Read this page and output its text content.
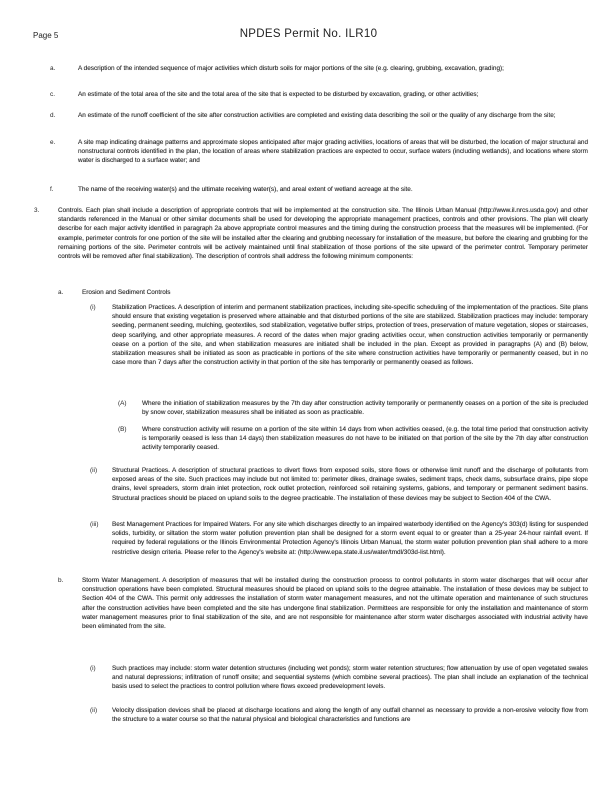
Page 5	NPDES Permit No. ILR10
a.	A description of the intended sequence of major activities which disturb soils for major portions of the site (e.g. clearing, grubbing, excavation, grading);
c.	An estimate of the total area of the site and the total area of the site that is expected to be disturbed by excavation, grading, or other activities;
d.	An estimate of the runoff coefficient of the site after construction activities are completed and existing data describing the soil or the quality of any discharge from the site;
e.	A site map indicating drainage patterns and approximate slopes anticipated after major grading activities, locations of areas that will be disturbed, the location of major structural and nonstructural controls identified in the plan, the location of areas where stabilization practices are expected to occur, surface waters (including wetlands), and locations where storm water is discharged to a surface water; and
f.	The name of the receiving water(s) and the ultimate receiving water(s), and areal extent of wetland acreage at the site.
3.	Controls. Each plan shall include a description of appropriate controls that will be implemented at the construction site. The Illinois Urban Manual (http://www.il.nrcs.usda.gov) and other standards referenced in the Manual or other similar documents shall be used for developing the appropriate management practices, controls and other provisions. The plan will clearly describe for each major activity identified in paragraph 2a above appropriate control measures and the timing during the construction process that the measures will be implemented. (For example, perimeter controls for one portion of the site will be installed after the clearing and grubbing necessary for installation of the measure, but before the clearing and grubbing for the remaining portions of the site. Perimeter controls will be actively maintained until final stabilization of those portions of the site upward of the perimeter control. Temporary perimeter controls will be removed after final stabilization). The description of controls shall address the following minimum components:
a.	Erosion and Sediment Controls
(i)	Stabilization Practices. A description of interim and permanent stabilization practices, including site-specific scheduling of the implementation of the practices. Site plans should ensure that existing vegetation is preserved where attainable and that disturbed portions of the site are stabilized. Stabilization practices may include: temporary seeding, permanent seeding, mulching, geotextiles, sod stabilization, vegetative buffer strips, protection of trees, preservation of mature vegetation, slopes or staircases, deep scarifying, and other appropriate measures. A record of the dates when major grading activities occur, when construction activities temporarily or permanently cease on a portion of the site, and when stabilization measures are initiated shall be included in the plan. Except as provided in paragraphs (A) and (B) below, stabilization measures shall be initiated as soon as practicable in portions of the site where construction activities have temporarily or permanently ceased, but in no case more than 7 days after the construction activity in that portion of the site has temporarily or permanently ceased as follows.
(A) Where the initiation of stabilization measures by the 7th day after construction activity temporarily or permanently ceases on a portion of the site is precluded by snow cover, stabilization measures shall be initiated as soon as practicable.
(B) Where construction activity will resume on a portion of the site within 14 days from when activities ceased, (e.g. the total time period that construction activity is temporarily ceased is less than 14 days) then stabilization measures do not have to be initiated on that portion of the site by the 7th day after construction activity temporarily ceased.
(ii) Structural Practices. A description of structural practices to divert flows from exposed soils, store flows or otherwise limit runoff and the discharge of pollutants from exposed areas of the site. Such practices may include but not limited to: perimeter dikes, drainage swales, sediment traps, check dams, subsurface drains, pipe slope drains, level spreaders, storm drain inlet protection, rock outlet protection, reinforced soil retaining systems, gabions, and temporary or permanent sediment basins. Structural practices should be placed on upland soils to the degree practicable. The installation of these devices may be subject to Section 404 of the CWA.
(iii) Best Management Practices for Impaired Waters. For any site which discharges directly to an impaired waterbody identified on the Agency's 303(d) listing for suspended solids, turbidity, or siltation the storm water pollution prevention plan shall be designed for a storm event equal to or greater than a 25-year 24-hour rainfall event. If required by federal regulations or the Illinois Environmental Protection Agency's Illinois Urban Manual, the storm water pollution prevention plan shall adhere to a more restrictive design criteria. Please refer to the Agency's website at: (http://www.epa.state.il.us/water/tmdl/303d-list.html).
b.	Storm Water Management. A description of measures that will be installed during the construction process to control pollutants in storm water discharges that will occur after construction operations have been completed. Structural measures should be placed on upland soils to the degree attainable. The installation of these devices may be subject to Section 404 of the CWA. This permit only addresses the installation of storm water management measures, and not the ultimate operation and maintenance of such structures after the construction activities have been completed and the site has undergone final stabilization. Permittees are responsible for only the installation and maintenance of storm water management measures prior to final stabilization of the site, and are not responsible for maintenance after storm water discharges associated with industrial activity have been eliminated from the site.
(i)	Such practices may include: storm water detention structures (including wet ponds); storm water retention structures; flow attenuation by use of open vegetated swales and natural depressions; infiltration of runoff onsite; and sequential systems (which combine several practices). The plan shall include an explanation of the technical basis used to select the practices to control pollution where flows exceed predevelopment levels.
(ii) Velocity dissipation devices shall be placed at discharge locations and along the length of any outfall channel as necessary to provide a non-erosive velocity flow from the structure to a water course so that the natural physical and biological characteristics and functions are
